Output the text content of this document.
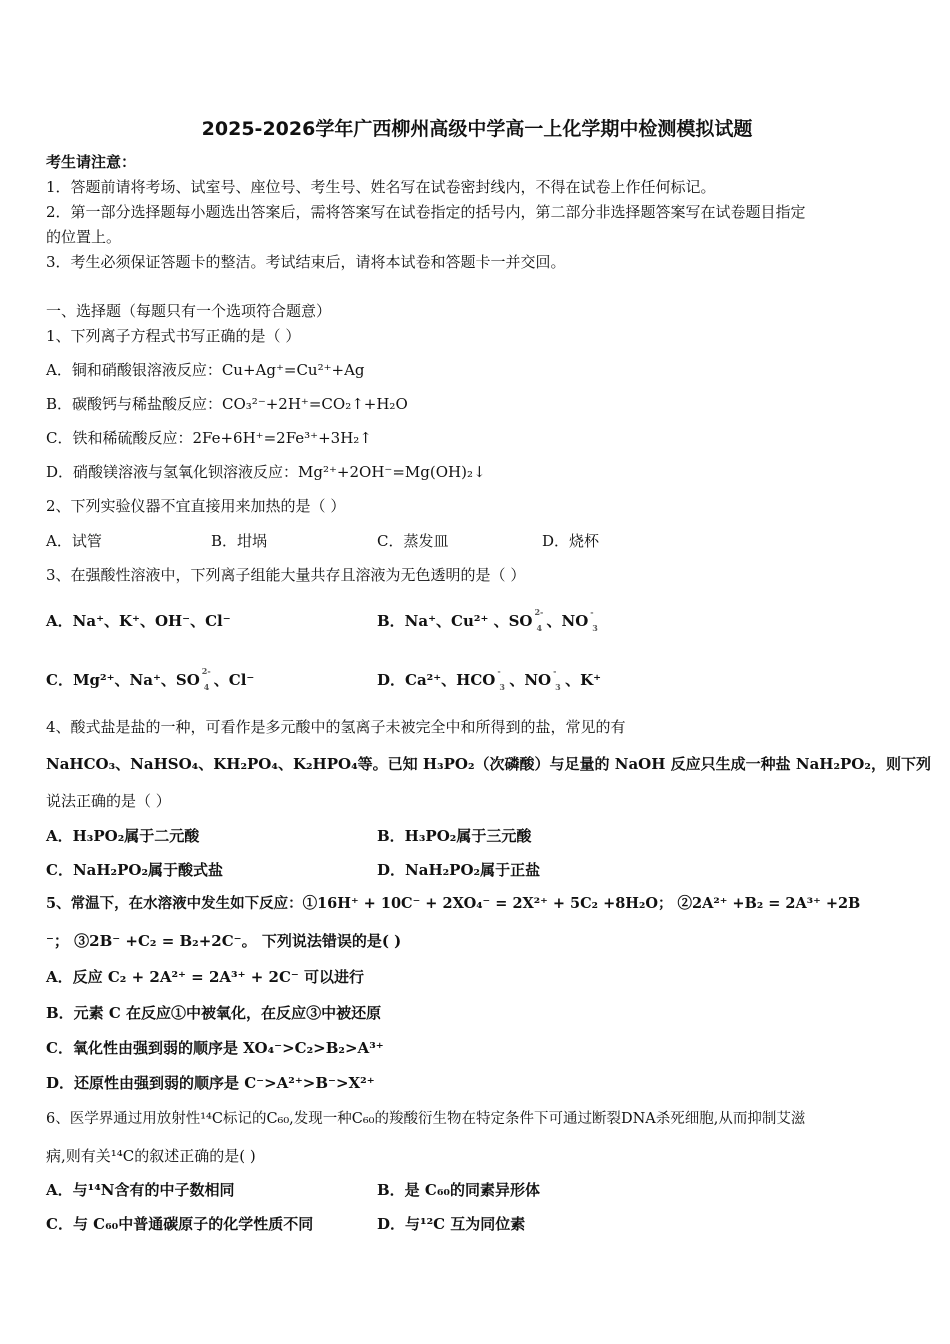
2025-2026学年广西柳州高级中学高一上化学期中检测模拟试题
考生请注意：
1．答题前请将考场、试室号、座位号、考生号、姓名写在试卷密封线内，不得在试卷上作任何标记。
2．第一部分选择题每小题选出答案后，需将答案写在试卷指定的括号内，第二部分非选择题答案写在试卷题目指定
的位置上。
3．考生必须保证答题卡的整洁。考试结束后，请将本试卷和答题卡一并交回。
一、选择题（每题只有一个选项符合题意）
1、下列离子方程式书写正确的是（ ）
A．铜和硝酸银溶液反应：Cu+Ag⁺=Cu²⁺+Ag
B．碳酸钙与稀盐酸反应：CO₃²⁻+2H⁺=CO₂↑+H₂O
C．铁和稀硫酸反应：2Fe+6H⁺=2Fe³⁺+3H₂↑
D．硝酸镁溶液与氢氧化钡溶液反应：Mg²⁺+2OH⁻=Mg(OH)₂↓
2、下列实验仪器不宜直接用来加热的是（ ）
A．试管	B．坩埚	C．蒸发皿	D．烧杯
3、在强酸性溶液中，下列离子组能大量共存且溶液为无色透明的是（ ）
A．Na⁺、K⁺、OH⁻、Cl⁻	B．Na⁺、Cu²⁺ 、SO 2-
4 、NO -
3
C．Mg²⁺、Na⁺、SO 2-
4 、Cl⁻	D．Ca²⁺、HCO -
3 、NO -
3 、K⁺
4、酸式盐是盐的一种，可看作是多元酸中的氢离子未被完全中和所得到的盐，常见的有
NaHCO₃、NaHSO₄、KH₂PO₄、K₂HPO₄等。已知 H₃PO₂（次磷酸）与足量的 NaOH 反应只生成一种盐 NaH₂PO₂，则下列
说法正确的是（ ）
A．H₃PO₂属于二元酸	B．H₃PO₂属于三元酸
C．NaH₂PO₂属于酸式盐	D．NaH₂PO₂属于正盐
5、常温下，在水溶液中发生如下反应：①16H⁺ + 10C⁻ + 2XO₄⁻ = 2X²⁺ + 5C₂ +8H₂O； ②2A²⁺ +B₂ = 2A³⁺ +2B
⁻； ③2B⁻ +C₂ = B₂+2C⁻。 下列说法错误的是( )
A．反应 C₂ + 2A²⁺ = 2A³⁺ + 2C⁻ 可以进行
B．元素 C 在反应①中被氧化，在反应③中被还原
C．氧化性由强到弱的顺序是 XO₄⁻>C₂>B₂>A³⁺
D．还原性由强到弱的顺序是 C⁻>A²⁺>B⁻>X²⁺
6、医学界通过用放射性¹⁴C标记的C₆₀,发现一种C₆₀的羧酸衍生物在特定条件下可通过断裂DNA杀死细胞,从而抑制艾滋
病,则有关¹⁴C的叙述正确的是( )
A．与¹⁴N含有的中子数相同	B．是 C₆₀的同素异形体
C．与 C₆₀中普通碳原子的化学性质不同	D．与¹²C 互为同位素
